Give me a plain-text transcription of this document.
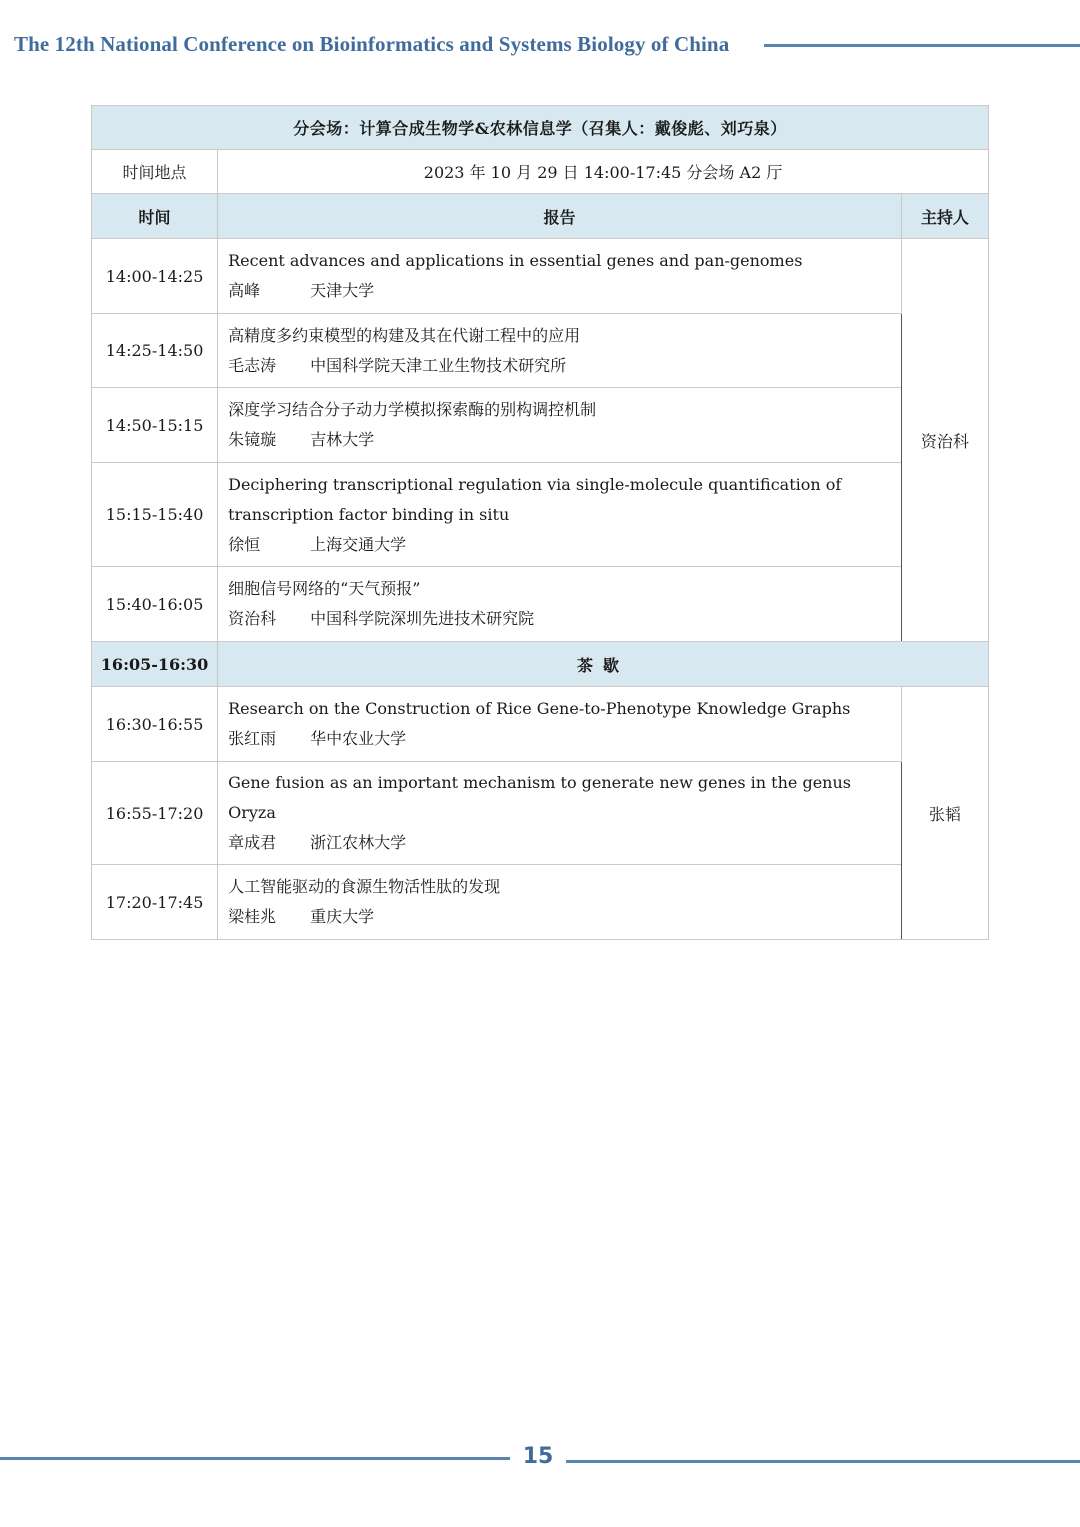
The 12th National Conference on Bioinformatics and Systems Biology of China
分会场：计算合成生物学&农林信息学（召集人：戴俊彪、刘巧泉）		
时间地点	2023 年 10 月 29 日 14:00-17:45 分会场 A2 厅	
时间	报告	主持人
14:00-14:25	Recent advances and applications in essential genes and pan-genomes
高峰 天津大学	资治科
14:25-14:50	高精度多约束模型的构建及其在代谢工程中的应用
毛志涛 中国科学院天津工业生物技术研究所	

14:50-15:15	深度学习结合分子动力学模拟探索酶的别构调控机制
朱镜璇 吉林大学	

15:15-15:40	Deciphering transcriptional regulation via single-molecule quantification of transcription factor binding in situ
徐恒 上海交通大学	

15:40-16:05	细胞信号网络的“天气预报”
资治科 中国科学院深圳先进技术研究院	

16:05-16:30	茶歇	
16:30-16:55	Research on the Construction of Rice Gene-to-Phenotype Knowledge Graphs
张红雨 华中农业大学	张韬
16:55-17:20	Gene fusion as an important mechanism to generate new genes in the genus Oryza
章成君 浙江农林大学	

17:20-17:45	人工智能驱动的食源生物活性肽的发现
梁桂兆 重庆大学	
15
